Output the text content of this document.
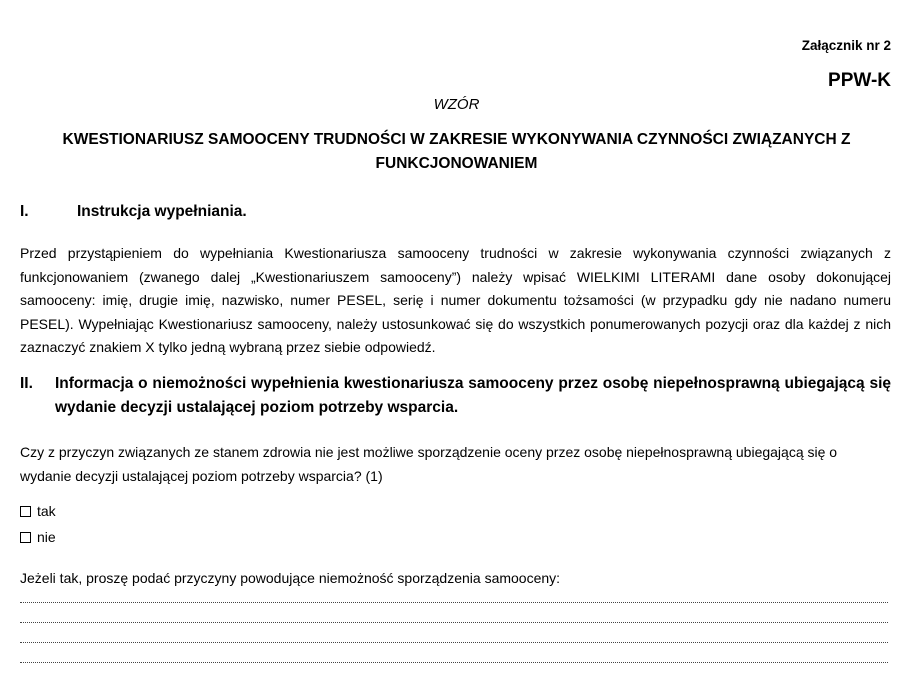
Załącznik nr 2
PPW-K
WZÓR
KWESTIONARIUSZ SAMOOCENY TRUDNOŚCI W ZAKRESIE WYKONYWANIA CZYNNOŚCI ZWIĄZANYCH Z FUNKCJONOWANIEM
I.	Instrukcja wypełniania.
Przed przystąpieniem do wypełniania Kwestionariusza samooceny trudności w zakresie wykonywania czynności związanych z funkcjonowaniem (zwanego dalej „Kwestionariuszem samooceny”) należy wpisać WIELKIMI LITERAMI dane osoby dokonującej samooceny: imię, drugie imię, nazwisko, numer PESEL, serię i numer dokumentu tożsamości (w przypadku gdy nie nadano numeru PESEL). Wypełniając Kwestionariusz samooceny, należy ustosunkować się do wszystkich ponumerowanych pozycji oraz dla każdej z nich zaznaczyć znakiem X tylko jedną wybraną przez siebie odpowiedź.
II. Informacja o niemożności wypełnienia kwestionariusza samooceny przez osobę niepełnosprawną ubiegającą się wydanie decyzji ustalającej poziom potrzeby wsparcia.
Czy z przyczyn związanych ze stanem zdrowia nie jest możliwe sporządzenie oceny przez osobę niepełnosprawną ubiegającą się o wydanie decyzji ustalającej poziom potrzeby wsparcia? (1)
tak
nie
Jeżeli tak, proszę podać przyczyny powodujące niemożność sporządzenia samooceny:
